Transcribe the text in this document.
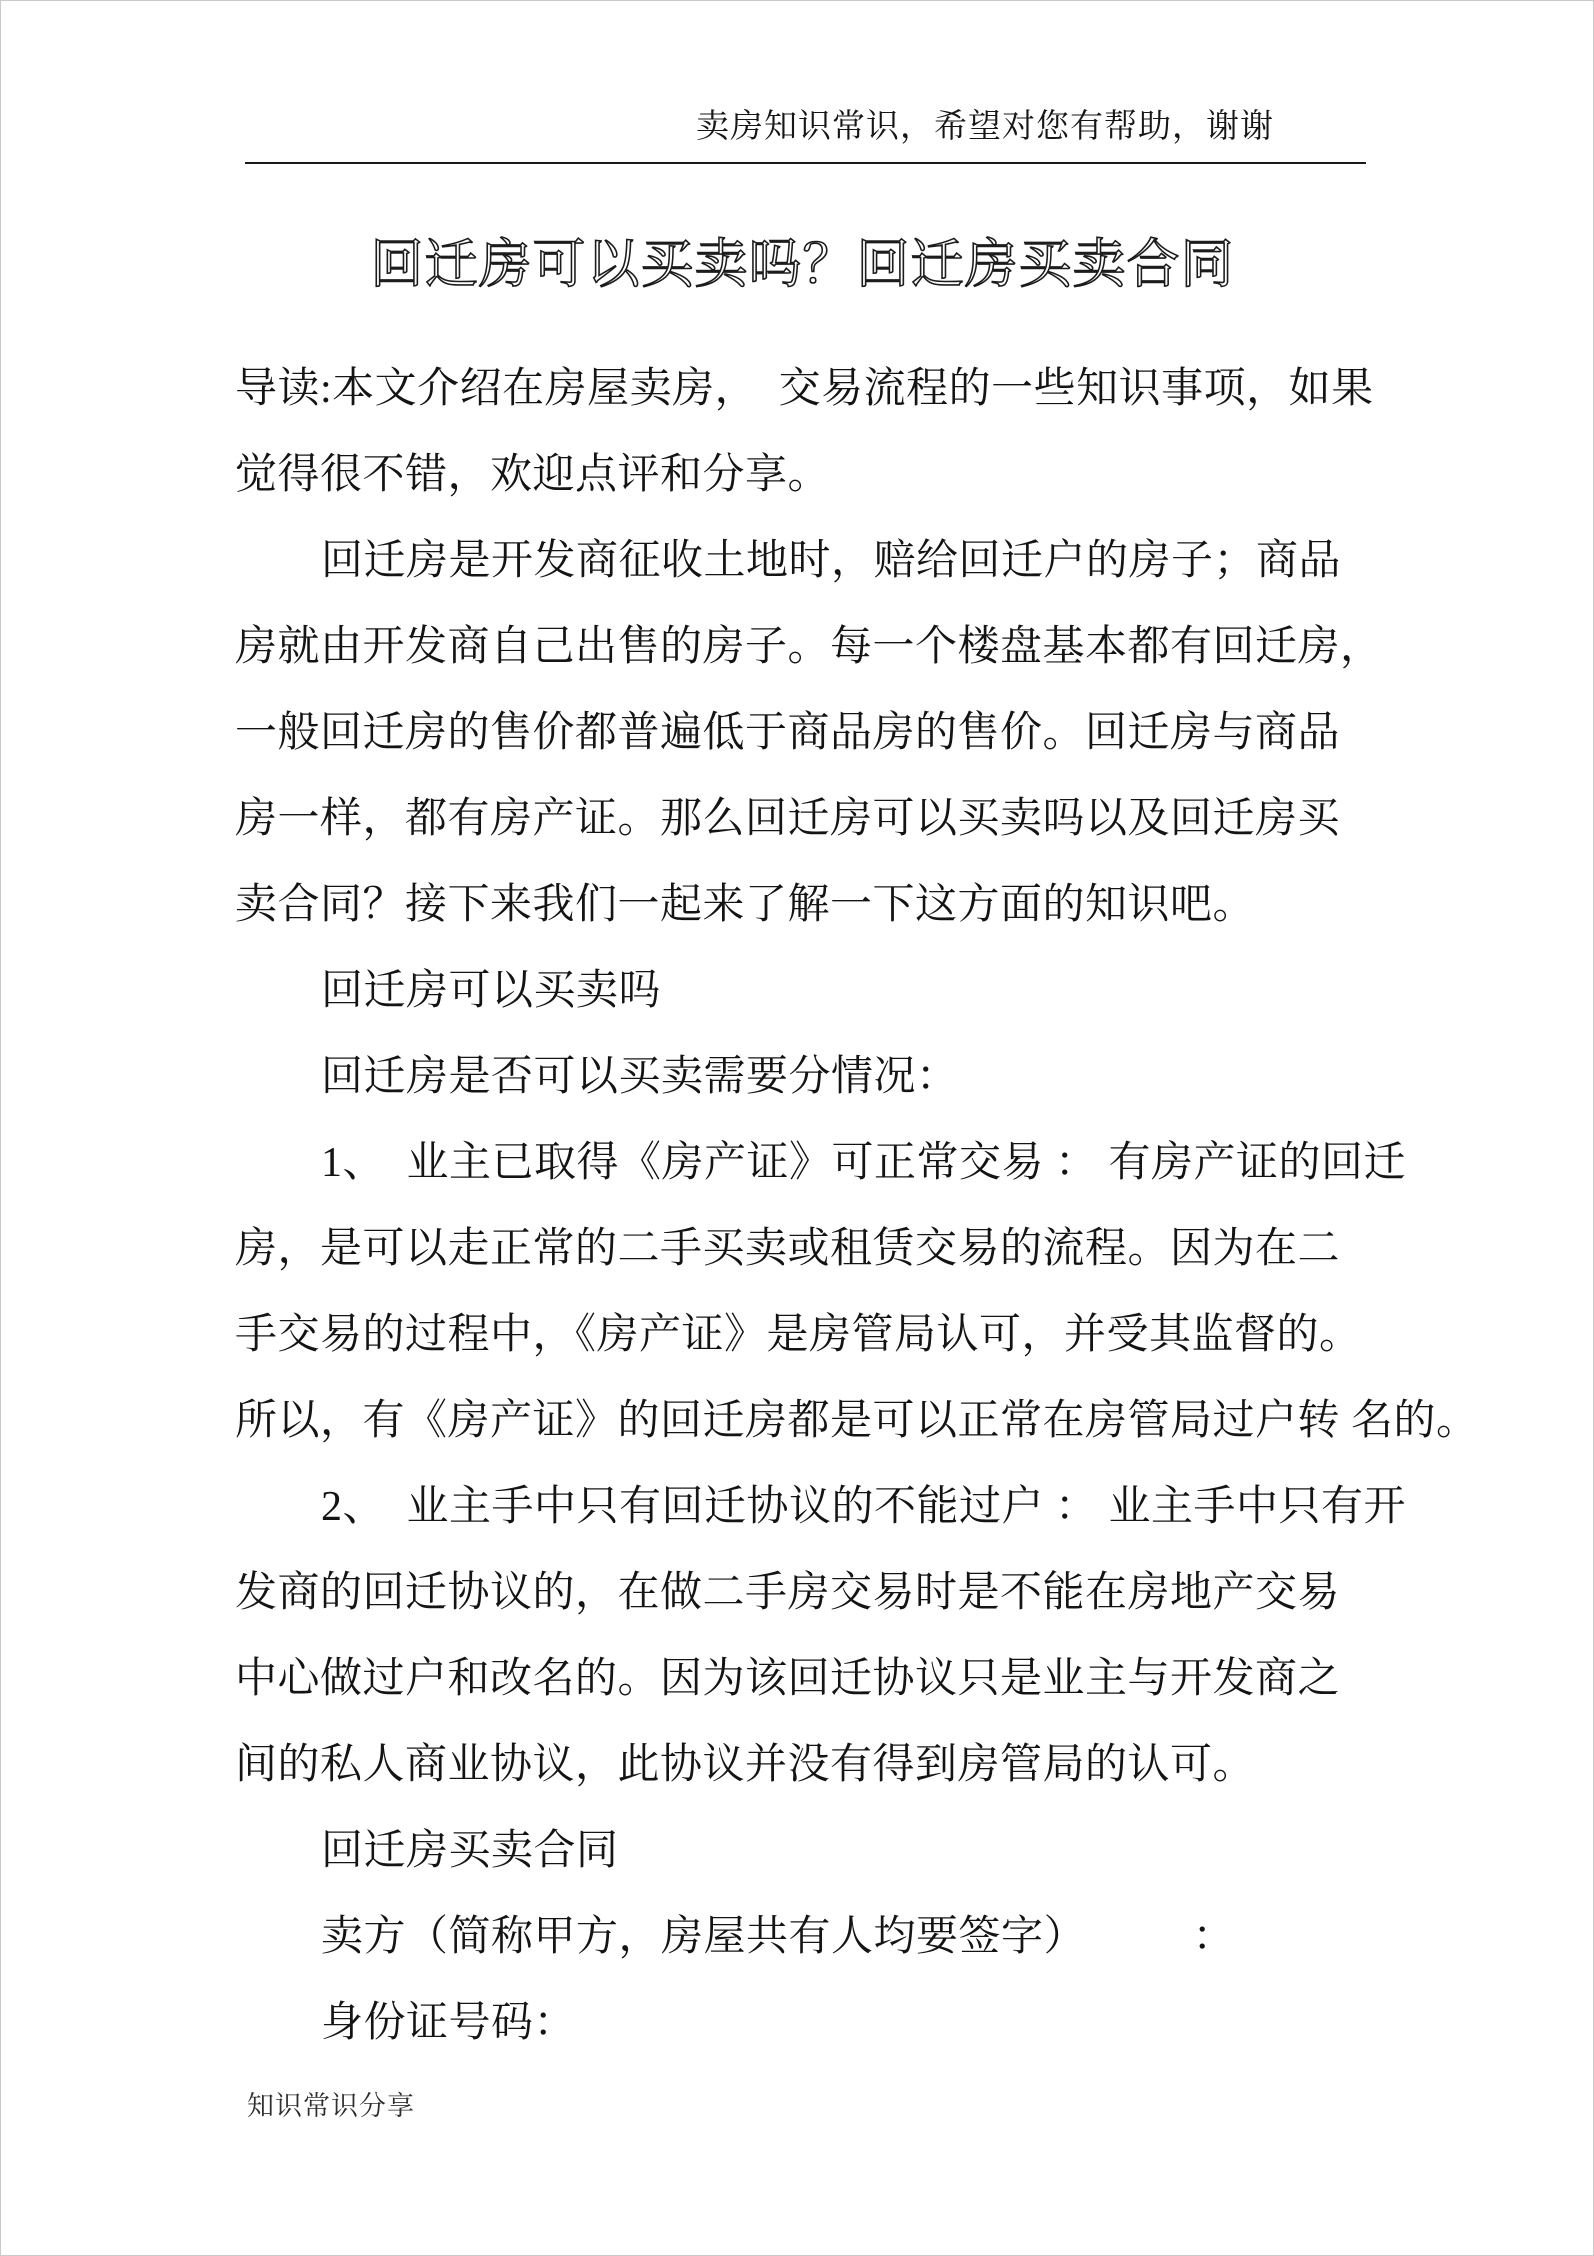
卖房知识常识，希望对您有帮助，谢谢
回迁房可以买卖吗？回迁房买卖合同
导读:本文介绍在房屋卖房，　交易流程的一些知识事项，如果
觉得很不错，欢迎点评和分享。
回迁房是开发商征收土地时，赔给回迁户的房子；商品
房就由开发商自己出售的房子。每一个楼盘基本都有回迁房，
一般回迁房的售价都普遍低于商品房的售价。回迁房与商品
房一样，都有房产证。那么回迁房可以买卖吗以及回迁房买
卖合同？接下来我们一起来了解一下这方面的知识吧。
回迁房可以买卖吗
回迁房是否可以买卖需要分情况：
1、　业主已取得《房产证》可正常交易 ： 有房产证的回迁
房，是可以走正常的二手买卖或租赁交易的流程。因为在二
手交易的过程中，《房产证》是房管局认可，并受其监督的。
所以，有《房产证》的回迁房都是可以正常在房管局过户转 名的。
2、　业主手中只有回迁协议的不能过户 ： 业主手中只有开
发商的回迁协议的，在做二手房交易时是不能在房地产交易
中心做过户和改名的。因为该回迁协议只是业主与开发商之
间的私人商业协议，此协议并没有得到房管局的认可。
回迁房买卖合同
卖方（简称甲方，房屋共有人均要签字）　　　：
身份证号码：
知识常识分享
